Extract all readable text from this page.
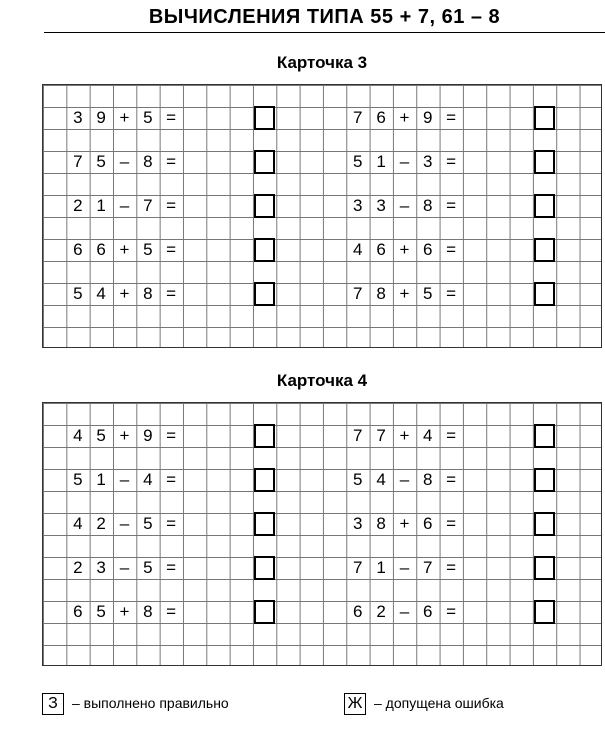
ВЫЧИСЛЕНИЯ ТИПА 55 + 7, 61 – 8
Карточка 3
3 9 + 5 =
7 5 – 8 =
2 1 – 7 =
6 6 + 5 =
5 4 + 8 =
7 6 + 9 =
5 1 – 3 =
3 3 – 8 =
4 6 + 6 =
7 8 + 5 =
Карточка 4
4 5 + 9 =
5 1 – 4 =
4 2 – 5 =
2 3 – 5 =
6 5 + 8 =
7 7 + 4 =
5 4 – 8 =
3 8 + 6 =
7 1 – 7 =
6 2 – 6 =
З – выполнено правильно	Ж – допущена ошибка
